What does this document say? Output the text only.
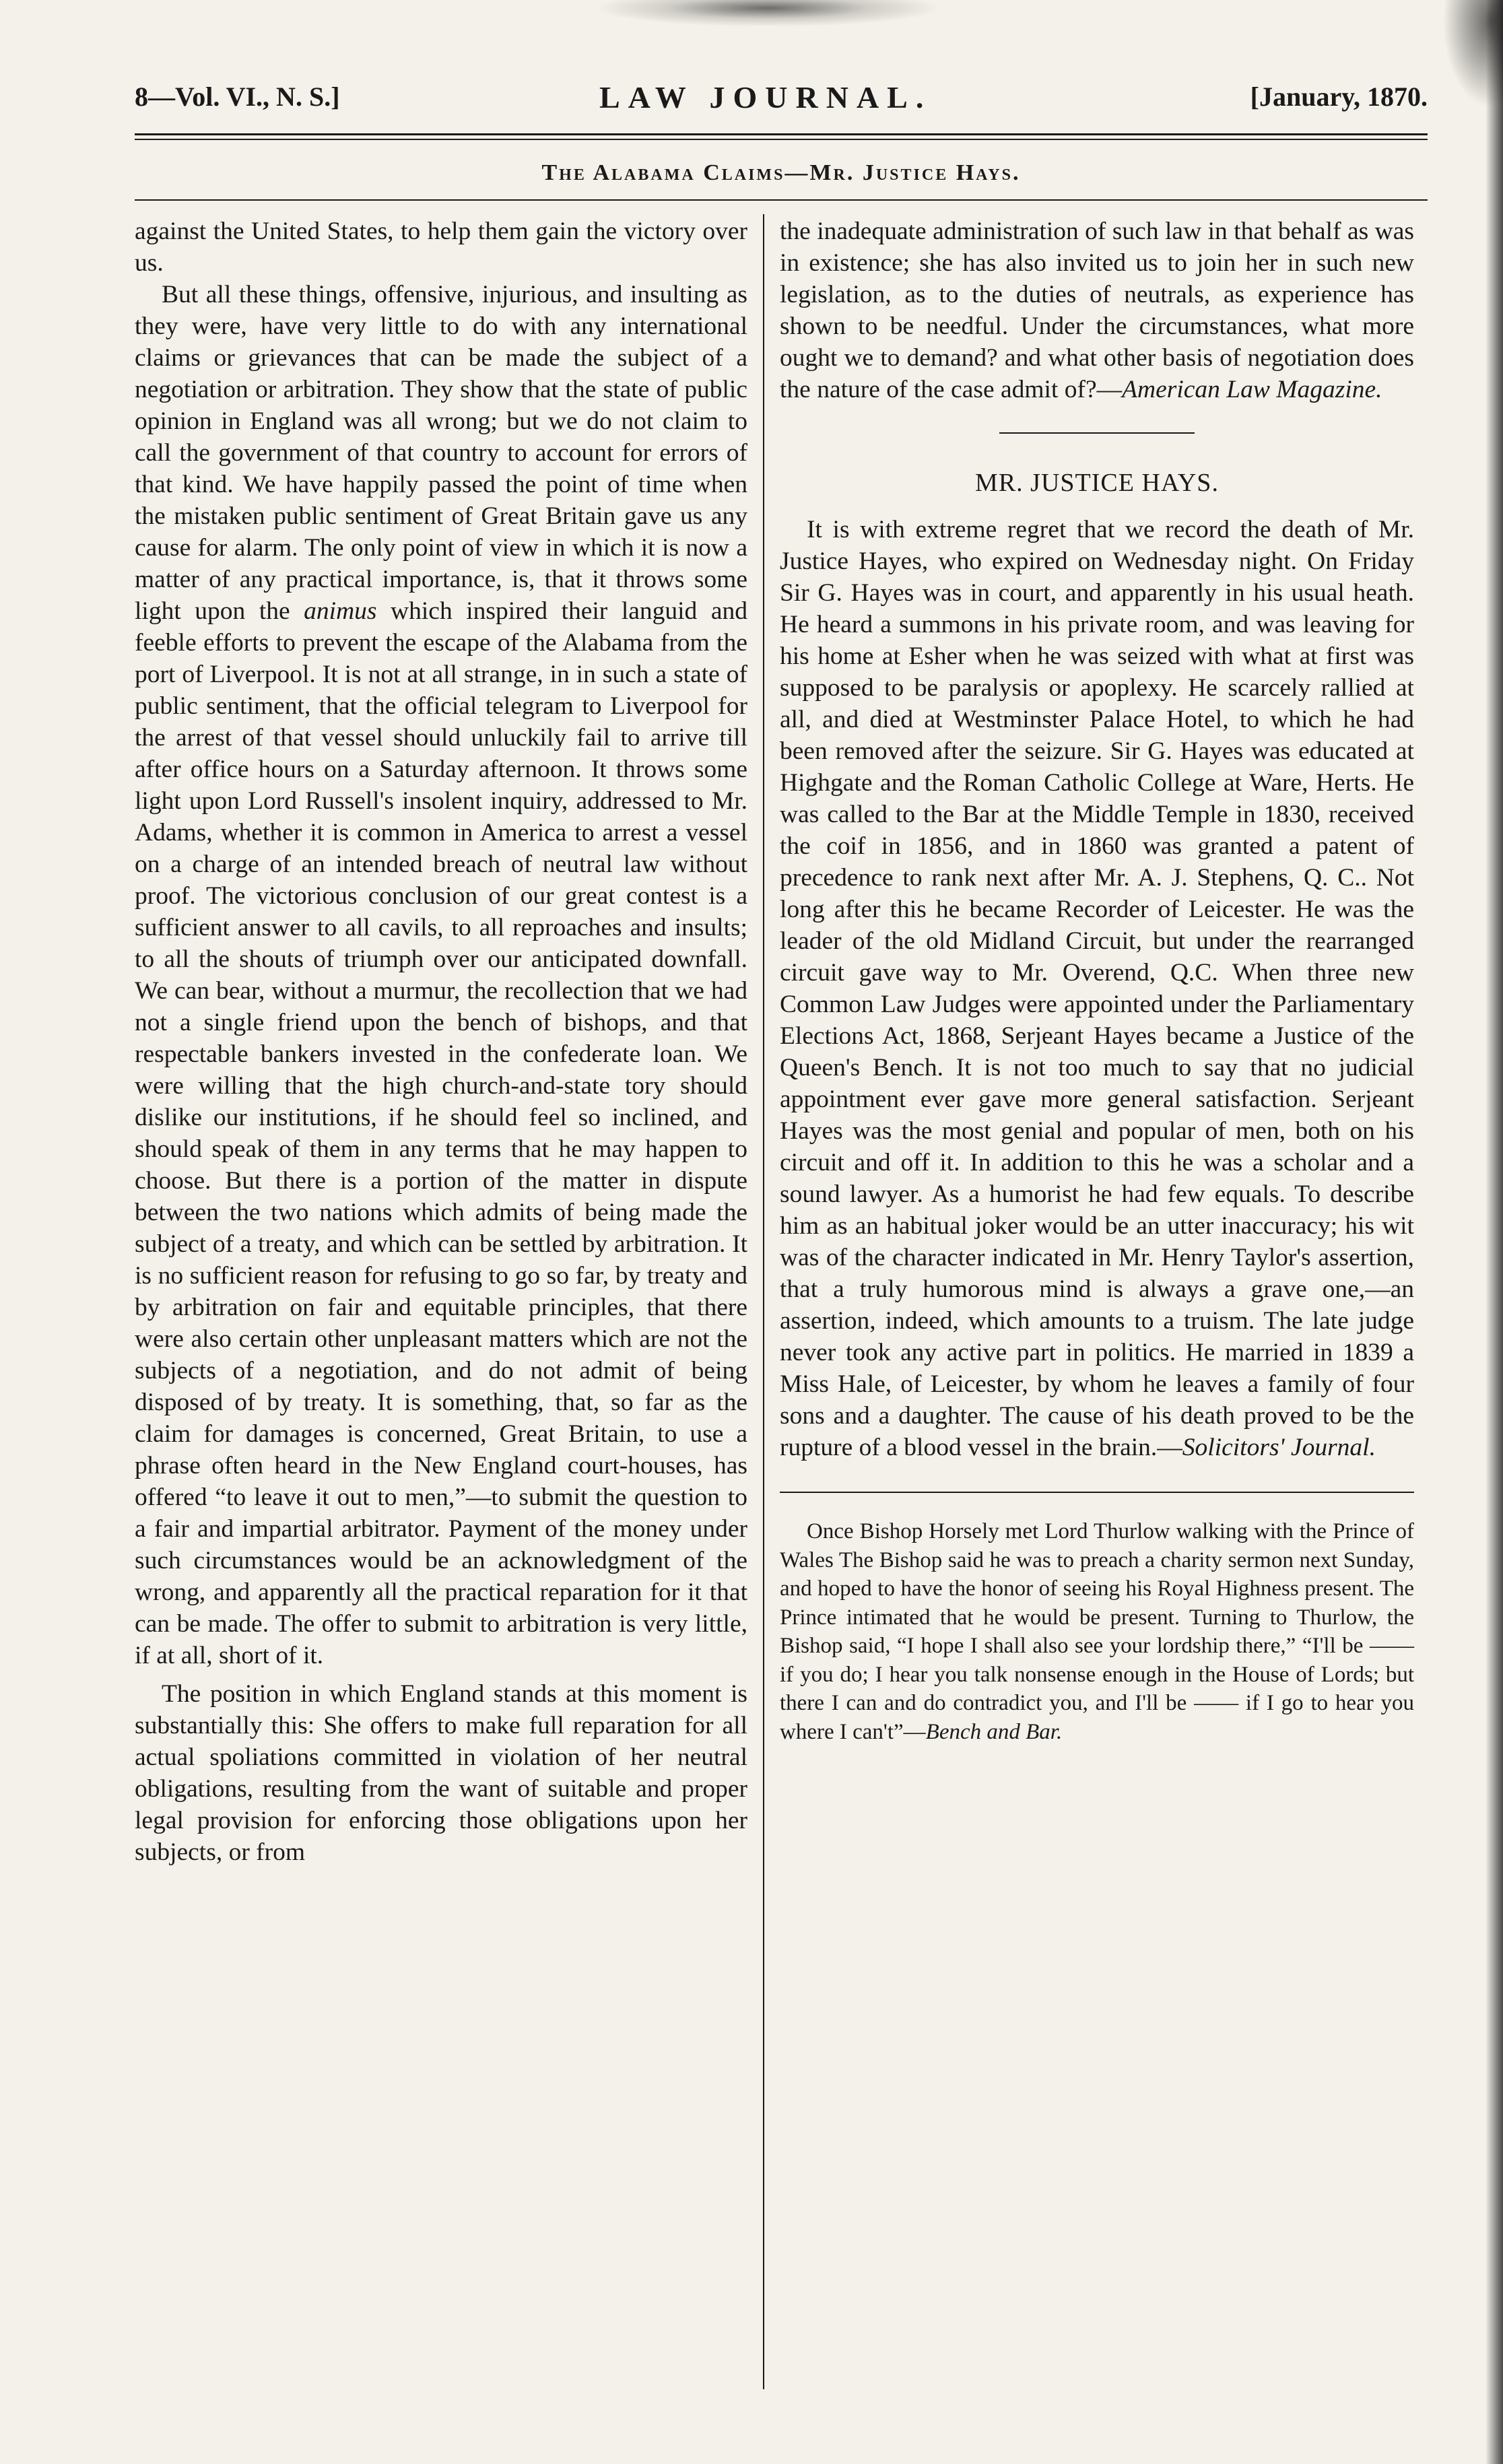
8—Vol. VI., N. S.]	LAW JOURNAL.	[January, 1870.
The Alabama Claims—Mr. Justice Hays.

against the United States, to help them gain the victory over us.

But all these things, offensive, injurious, and insulting as they were, have very little to do with any international claims or grievances that can be made the subject of a negotiation or arbitration. They show that the state of public opinion in England was all wrong; but we do not claim to call the government of that country to account for errors of that kind. We have happily passed the point of time when the mistaken public sentiment of Great Britain gave us any cause for alarm. The only point of view in which it is now a matter of any practical importance, is, that it throws some light upon the animus which inspired their languid and feeble efforts to prevent the escape of the Alabama from the port of Liverpool. It is not at all strange, in in such a state of public sentiment, that the official telegram to Liverpool for the arrest of that vessel should unluckily fail to arrive till after office hours on a Saturday afternoon. It throws some light upon Lord Russell's insolent inquiry, addressed to Mr. Adams, whether it is common in America to arrest a vessel on a charge of an intended breach of neutral law without proof. The victorious conclusion of our great contest is a sufficient answer to all cavils, to all reproaches and insults; to all the shouts of triumph over our anticipated downfall. We can bear, without a murmur, the recollection that we had not a single friend upon the bench of bishops, and that respectable bankers invested in the confederate loan. We were willing that the high church-and-state tory should dislike our institutions, if he should feel so inclined, and should speak of them in any terms that he may happen to choose. But there is a portion of the matter in dispute between the two nations which admits of being made the subject of a treaty, and which can be settled by arbitration. It is no sufficient reason for refusing to go so far, by treaty and by arbitration on fair and equitable principles, that there were also certain other unpleasant matters which are not the subjects of a negotiation, and do not admit of being disposed of by treaty. It is something, that, so far as the claim for damages is concerned, Great Britain, to use a phrase often heard in the New England court-houses, has offered “to leave it out to men,”—to submit the question to a fair and impartial arbitrator. Payment of the money under such circumstances would be an acknowledgment of the wrong, and apparently all the practical reparation for it that can be made. The offer to submit to arbitration is very little, if at all, short of it.

The position in which England stands at this moment is substantially this: She offers to make full reparation for all actual spoliations committed in violation of her neutral obligations, resulting from the want of suitable and proper legal provision for enforcing those obligations upon her subjects, or from

the inadequate administration of such law in that behalf as was in existence; she has also invited us to join her in such new legislation, as to the duties of neutrals, as experience has shown to be needful. Under the circumstances, what more ought we to demand? and what other basis of negotiation does the nature of the case admit of?—American Law Magazine.

MR. JUSTICE HAYS.

It is with extreme regret that we record the death of Mr. Justice Hayes, who expired on Wednesday night. On Friday Sir G. Hayes was in court, and apparently in his usual heath. He heard a summons in his private room, and was leaving for his home at Esher when he was seized with what at first was supposed to be paralysis or apoplexy. He scarcely rallied at all, and died at Westminster Palace Hotel, to which he had been removed after the seizure. Sir G. Hayes was educated at Highgate and the Roman Catholic College at Ware, Herts. He was called to the Bar at the Middle Temple in 1830, received the coif in 1856, and in 1860 was granted a patent of precedence to rank next after Mr. A. J. Stephens, Q. C.. Not long after this he became Recorder of Leicester. He was the leader of the old Midland Circuit, but under the rearranged circuit gave way to Mr. Overend, Q.C. When three new Common Law Judges were appointed under the Parliamentary Elections Act, 1868, Serjeant Hayes became a Justice of the Queen's Bench. It is not too much to say that no judicial appointment ever gave more general satisfaction. Serjeant Hayes was the most genial and popular of men, both on his circuit and off it. In addition to this he was a scholar and a sound lawyer. As a humorist he had few equals. To describe him as an habitual joker would be an utter inaccuracy; his wit was of the character indicated in Mr. Henry Taylor's assertion, that a truly humorous mind is always a grave one,—an assertion, indeed, which amounts to a truism. The late judge never took any active part in politics. He married in 1839 a Miss Hale, of Leicester, by whom he leaves a family of four sons and a daughter. The cause of his death proved to be the rupture of a blood vessel in the brain.—Solicitors' Journal.

Once Bishop Horsely met Lord Thurlow walking with the Prince of Wales The Bishop said he was to preach a charity sermon next Sunday, and hoped to have the honor of seeing his Royal Highness present. The Prince intimated that he would be present. Turning to Thurlow, the Bishop said, “I hope I shall also see your lordship there,” “I'll be —— if you do; I hear you talk nonsense enough in the House of Lords; but there I can and do contradict you, and I'll be —— if I go to hear you where I can't”—Bench and Bar.
